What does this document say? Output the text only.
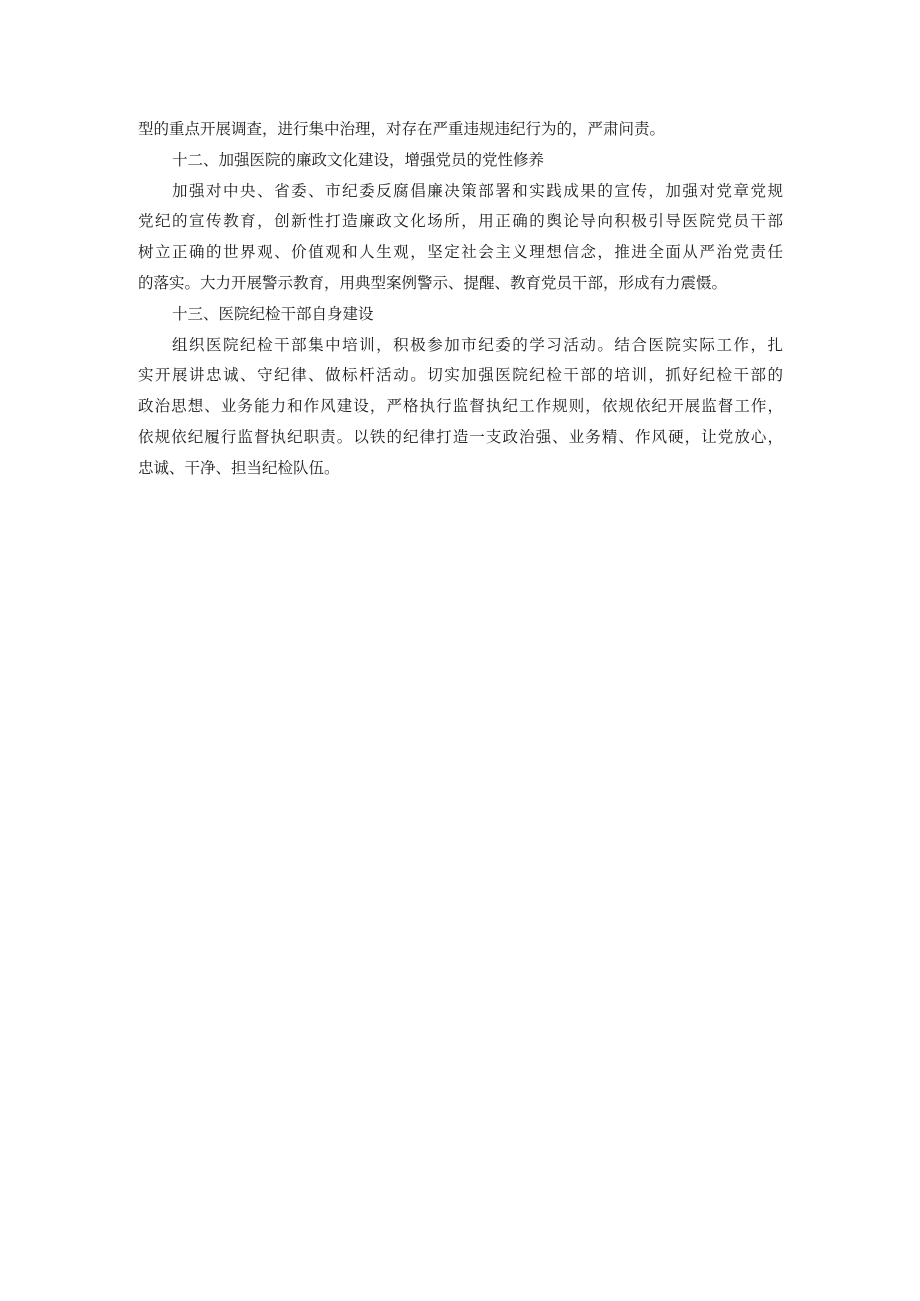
型的重点开展调查，进行集中治理，对存在严重违规违纪行为的，严肃问责。
十二、加强医院的廉政文化建设，增强党员的党性修养
加强对中央、省委、市纪委反腐倡廉决策部署和实践成果的宣传，加强对党章党规
党纪的宣传教育，创新性打造廉政文化场所，用正确的舆论导向积极引导医院党员干部
树立正确的世界观、价值观和人生观，坚定社会主义理想信念，推进全面从严治党责任
的落实。大力开展警示教育，用典型案例警示、提醒、教育党员干部，形成有力震慑。
十三、医院纪检干部自身建设
组织医院纪检干部集中培训，积极参加市纪委的学习活动。结合医院实际工作，扎
实开展讲忠诚、守纪律、做标杆活动。切实加强医院纪检干部的培训，抓好纪检干部的
政治思想、业务能力和作风建设，严格执行监督执纪工作规则，依规依纪开展监督工作，
依规依纪履行监督执纪职责。以铁的纪律打造一支政治强、业务精、作风硬，让党放心，
忠诚、干净、担当纪检队伍。
